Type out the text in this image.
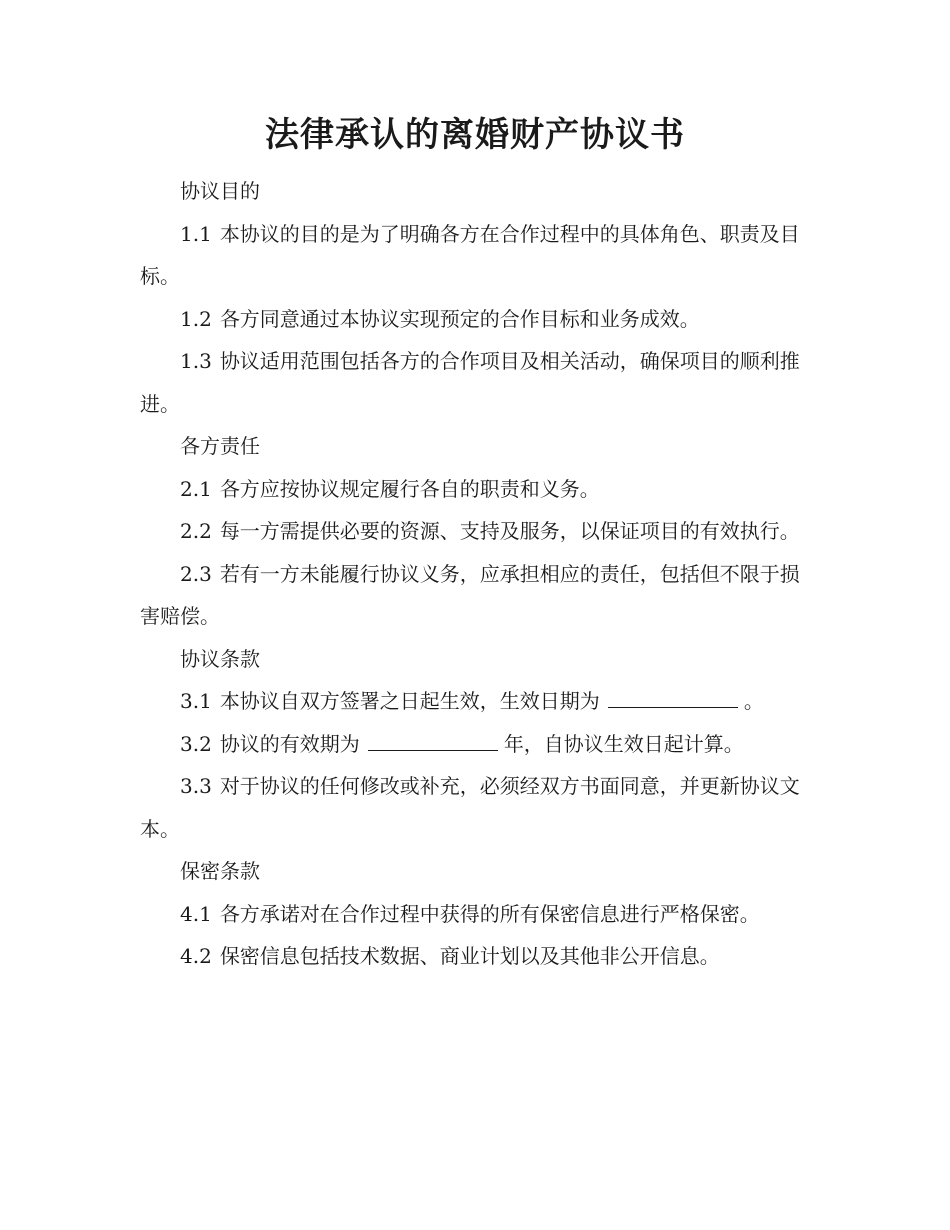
法律承认的离婚财产协议书

协议目的

1.1 本协议的目的是为了明确各方在合作过程中的具体角色、职责及目标。

1.2 各方同意通过本协议实现预定的合作目标和业务成效。

1.3 协议适用范围包括各方的合作项目及相关活动，确保项目的顺利推进。

各方责任

2.1 各方应按协议规定履行各自的职责和义务。

2.2 每一方需提供必要的资源、支持及服务，以保证项目的有效执行。

2.3 若有一方未能履行协议义务，应承担相应的责任，包括但不限于损害赔偿。

协议条款

3.1 本协议自双方签署之日起生效，生效日期为	。

3.2 协议的有效期为	年，自协议生效日起计算。

3.3 对于协议的任何修改或补充，必须经双方书面同意，并更新协议文本。

保密条款

4.1 各方承诺对在合作过程中获得的所有保密信息进行严格保密。

4.2 保密信息包括技术数据、商业计划以及其他非公开信息。
